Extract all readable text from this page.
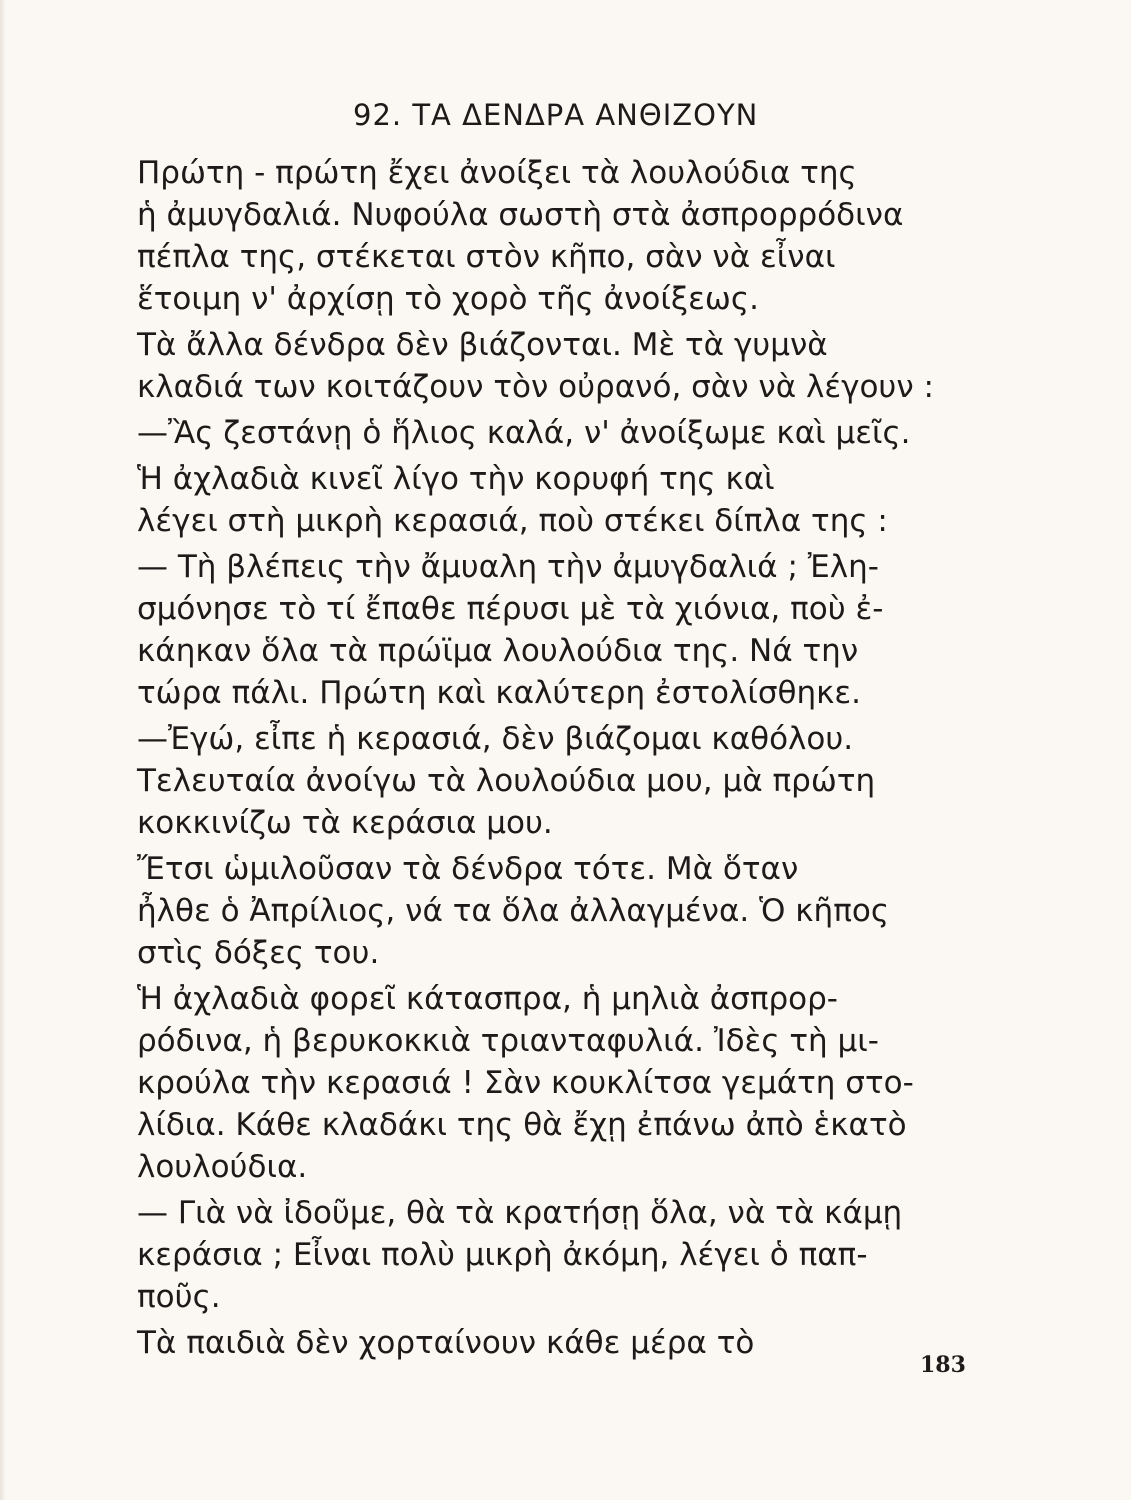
92. ΤΑ ΔΕΝΔΡΑ ΑΝΘΙΖΟΥΝ

Πρώτη - πρώτη ἔχει ἀνοίξει τὰ λουλούδια της
ἡ ἀμυγδαλιά. Νυφούλα σωστὴ στὰ ἀσπρορρόδινα
πέπλα της, στέκεται στὸν κῆπο, σὰν νὰ εἶναι
ἕτοιμη ν' ἀρχίσῃ τὸ χορὸ τῆς ἀνοίξεως.

Τὰ ἄλλα δένδρα δὲν βιάζονται. Μὲ τὰ γυμνὰ
κλαδιά των κοιτάζουν τὸν οὐρανό, σὰν νὰ λέγουν :

—Ἂς ζεστάνῃ ὁ ἥλιος καλά, ν' ἀνοίξωμε καὶ μεῖς.

Ἡ ἀχλαδιὰ κινεῖ λίγο τὴν κορυφή της καὶ
λέγει στὴ μικρὴ κερασιά, ποὺ στέκει δίπλα της :

— Τὴ βλέπεις τὴν ἄμυαλη τὴν ἀμυγδαλιά ; Ἐλη-
σμόνησε τὸ τί ἔπαθε πέρυσι μὲ τὰ χιόνια, ποὺ ἐ-
κάηκαν ὅλα τὰ πρώϊμα λουλούδια της. Νά την
τώρα πάλι. Πρώτη καὶ καλύτερη ἐστολίσθηκε.

—Ἐγώ, εἶπε ἡ κερασιά, δὲν βιάζομαι καθόλου.
Τελευταία ἀνοίγω τὰ λουλούδια μου, μὰ πρώτη
κοκκινίζω τὰ κεράσια μου.

Ἔτσι ὡμιλοῦσαν τὰ δένδρα τότε. Μὰ ὅταν
ἦλθε ὁ Ἀπρίλιος, νά τα ὅλα ἀλλαγμένα. Ὁ κῆπος
στὶς δόξες του.

Ἡ ἀχλαδιὰ φορεῖ κάτασπρα, ἡ μηλιὰ ἀσπρορ-
ρόδινα, ἡ βερυκοκκιὰ τριανταφυλιά. Ἰδὲς τὴ μι-
κρούλα τὴν κερασιά ! Σὰν κουκλίτσα γεμάτη στο-
λίδια. Κάθε κλαδάκι της θὰ ἔχῃ ἐπάνω ἀπὸ ἑκατὸ
λουλούδια.

— Γιὰ νὰ ἰδοῦμε, θὰ τὰ κρατήσῃ ὅλα, νὰ τὰ κάμῃ
κεράσια ; Εἶναι πολὺ μικρὴ ἀκόμη, λέγει ὁ παπ-
ποῦς.

Τὰ παιδιὰ δὲν χορταίνουν κάθε μέρα τὸ

183
